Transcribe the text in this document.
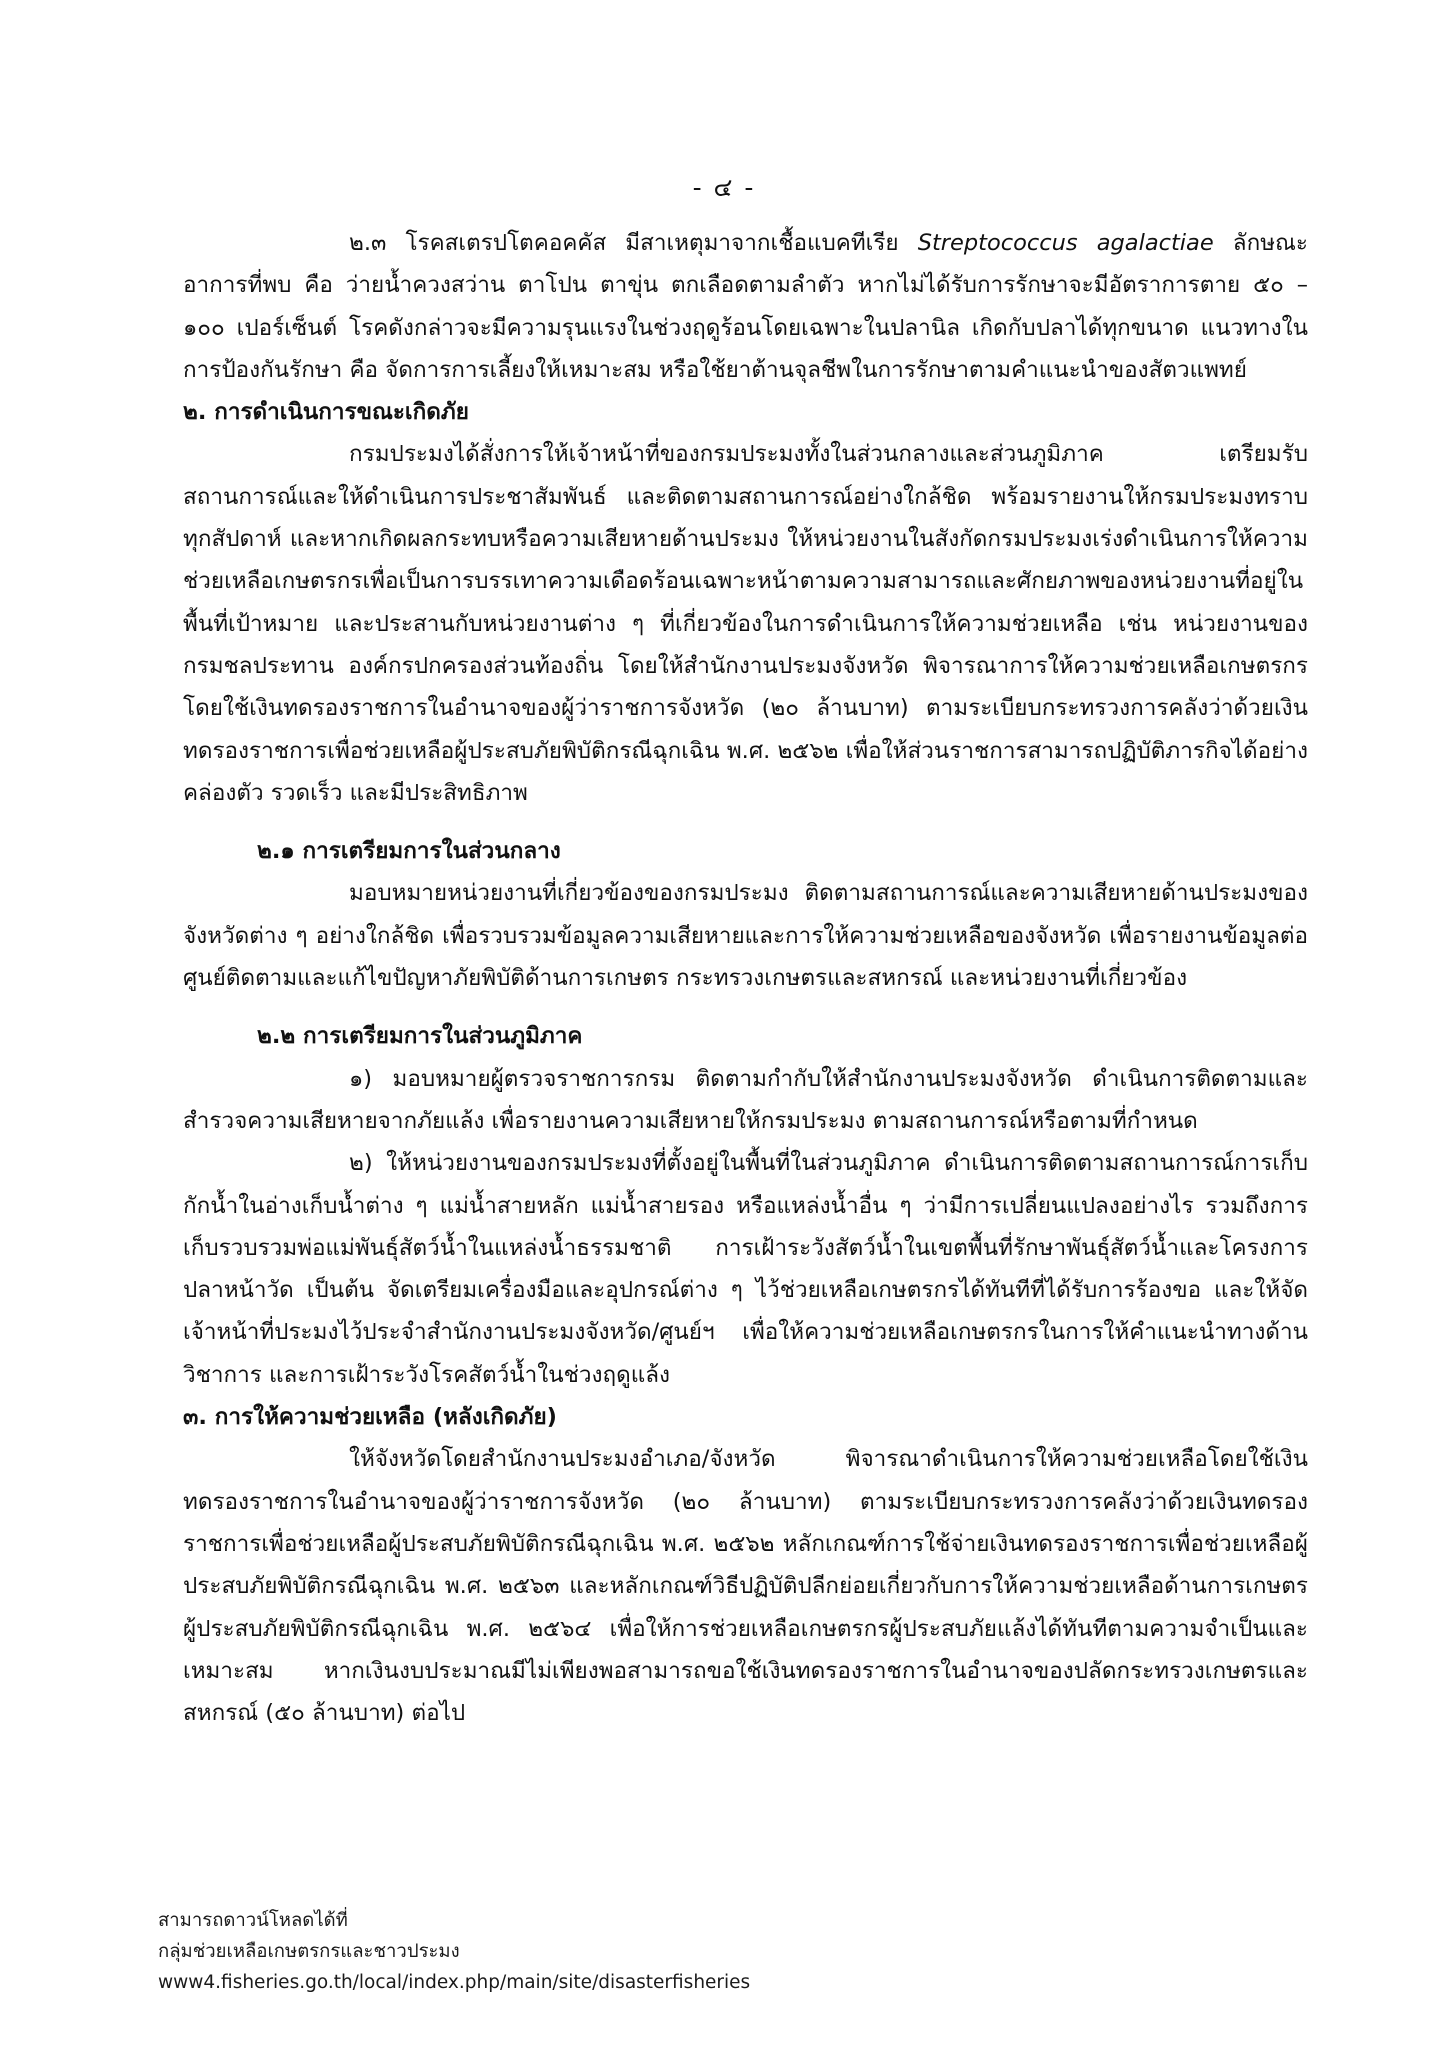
- ๔ -

๒.๓ โรคสเตรปโตคอคคัส มีสาเหตุมาจากเชื้อแบคทีเรีย Streptococcus agalactiae ลักษณะอาการที่พบ คือ ว่ายน้ำควงสว่าน ตาโปน ตาขุ่น ตกเลือดตามลำตัว หากไม่ได้รับการรักษาจะมีอัตราการตาย ๕๐ – ๑๐๐ เปอร์เซ็นต์ โรคดังกล่าวจะมีความรุนแรงในช่วงฤดูร้อนโดยเฉพาะในปลานิล เกิดกับปลาได้ทุกขนาด แนวทางในการป้องกันรักษา คือ จัดการการเลี้ยงให้เหมาะสม หรือใช้ยาต้านจุลชีพในการรักษาตามคำแนะนำของสัตวแพทย์

๒. การดำเนินการขณะเกิดภัย

กรมประมงได้สั่งการให้เจ้าหน้าที่ของกรมประมงทั้งในส่วนกลางและส่วนภูมิภาค เตรียมรับสถานการณ์และให้ดำเนินการประชาสัมพันธ์ และติดตามสถานการณ์อย่างใกล้ชิด พร้อมรายงานให้กรมประมงทราบทุกสัปดาห์ และหากเกิดผลกระทบหรือความเสียหายด้านประมง ให้หน่วยงานในสังกัดกรมประมงเร่งดำเนินการให้ความช่วยเหลือเกษตรกรเพื่อเป็นการบรรเทาความเดือดร้อนเฉพาะหน้าตามความสามารถและศักยภาพของหน่วยงานที่อยู่ในพื้นที่เป้าหมาย และประสานกับหน่วยงานต่าง ๆ ที่เกี่ยวข้องในการดำเนินการให้ความช่วยเหลือ เช่น หน่วยงานของกรมชลประทาน องค์กรปกครองส่วนท้องถิ่น โดยให้สำนักงานประมงจังหวัด พิจารณาการให้ความช่วยเหลือเกษตรกรโดยใช้เงินทดรองราชการในอำนาจของผู้ว่าราชการจังหวัด (๒๐ ล้านบาท) ตามระเบียบกระทรวงการคลังว่าด้วยเงินทดรองราชการเพื่อช่วยเหลือผู้ประสบภัยพิบัติกรณีฉุกเฉิน พ.ศ. ๒๕๖๒ เพื่อให้ส่วนราชการสามารถปฏิบัติภารกิจได้อย่างคล่องตัว รวดเร็ว และมีประสิทธิภาพ

๒.๑ การเตรียมการในส่วนกลาง

มอบหมายหน่วยงานที่เกี่ยวข้องของกรมประมง ติดตามสถานการณ์และความเสียหายด้านประมงของจังหวัดต่าง ๆ อย่างใกล้ชิด เพื่อรวบรวมข้อมูลความเสียหายและการให้ความช่วยเหลือของจังหวัด เพื่อรายงานข้อมูลต่อศูนย์ติดตามและแก้ไขปัญหาภัยพิบัติด้านการเกษตร กระทรวงเกษตรและสหกรณ์ และหน่วยงานที่เกี่ยวข้อง

๒.๒ การเตรียมการในส่วนภูมิภาค

๑) มอบหมายผู้ตรวจราชการกรม ติดตามกำกับให้สำนักงานประมงจังหวัด ดำเนินการติดตามและสำรวจความเสียหายจากภัยแล้ง เพื่อรายงานความเสียหายให้กรมประมง ตามสถานการณ์หรือตามที่กำหนด

๒) ให้หน่วยงานของกรมประมงที่ตั้งอยู่ในพื้นที่ในส่วนภูมิภาค ดำเนินการติดตามสถานการณ์การเก็บกักน้ำในอ่างเก็บน้ำต่าง ๆ แม่น้ำสายหลัก แม่น้ำสายรอง หรือแหล่งน้ำอื่น ๆ ว่ามีการเปลี่ยนแปลงอย่างไร รวมถึงการเก็บรวบรวมพ่อแม่พันธุ์สัตว์น้ำในแหล่งน้ำธรรมชาติ การเฝ้าระวังสัตว์น้ำในเขตพื้นที่รักษาพันธุ์สัตว์น้ำและโครงการปลาหน้าวัด เป็นต้น จัดเตรียมเครื่องมือและอุปกรณ์ต่าง ๆ ไว้ช่วยเหลือเกษตรกรได้ทันทีที่ได้รับการร้องขอ และให้จัดเจ้าหน้าที่ประมงไว้ประจำสำนักงานประมงจังหวัด/ศูนย์ฯ เพื่อให้ความช่วยเหลือเกษตรกรในการให้คำแนะนำทางด้านวิชาการ และการเฝ้าระวังโรคสัตว์น้ำในช่วงฤดูแล้ง

๓. การให้ความช่วยเหลือ (หลังเกิดภัย)

ให้จังหวัดโดยสำนักงานประมงอำเภอ/จังหวัด พิจารณาดำเนินการให้ความช่วยเหลือโดยใช้เงินทดรองราชการในอำนาจของผู้ว่าราชการจังหวัด (๒๐ ล้านบาท) ตามระเบียบกระทรวงการคลังว่าด้วยเงินทดรองราชการเพื่อช่วยเหลือผู้ประสบภัยพิบัติกรณีฉุกเฉิน พ.ศ. ๒๕๖๒ หลักเกณฑ์การใช้จ่ายเงินทดรองราชการเพื่อช่วยเหลือผู้ประสบภัยพิบัติกรณีฉุกเฉิน พ.ศ. ๒๕๖๓ และหลักเกณฑ์วิธีปฏิบัติปลีกย่อยเกี่ยวกับการให้ความช่วยเหลือด้านการเกษตรผู้ประสบภัยพิบัติกรณีฉุกเฉิน พ.ศ. ๒๕๖๔ เพื่อให้การช่วยเหลือเกษตรกรผู้ประสบภัยแล้งได้ทันทีตามความจำเป็นและเหมาะสม หากเงินงบประมาณมีไม่เพียงพอสามารถขอใช้เงินทดรองราชการในอำนาจของปลัดกระทรวงเกษตรและสหกรณ์ (๕๐ ล้านบาท) ต่อไป

สามารถดาวน์โหลดได้ที่
กลุ่มช่วยเหลือเกษตรกรและชาวประมง
www4.fisheries.go.th/local/index.php/main/site/disasterfisheries
